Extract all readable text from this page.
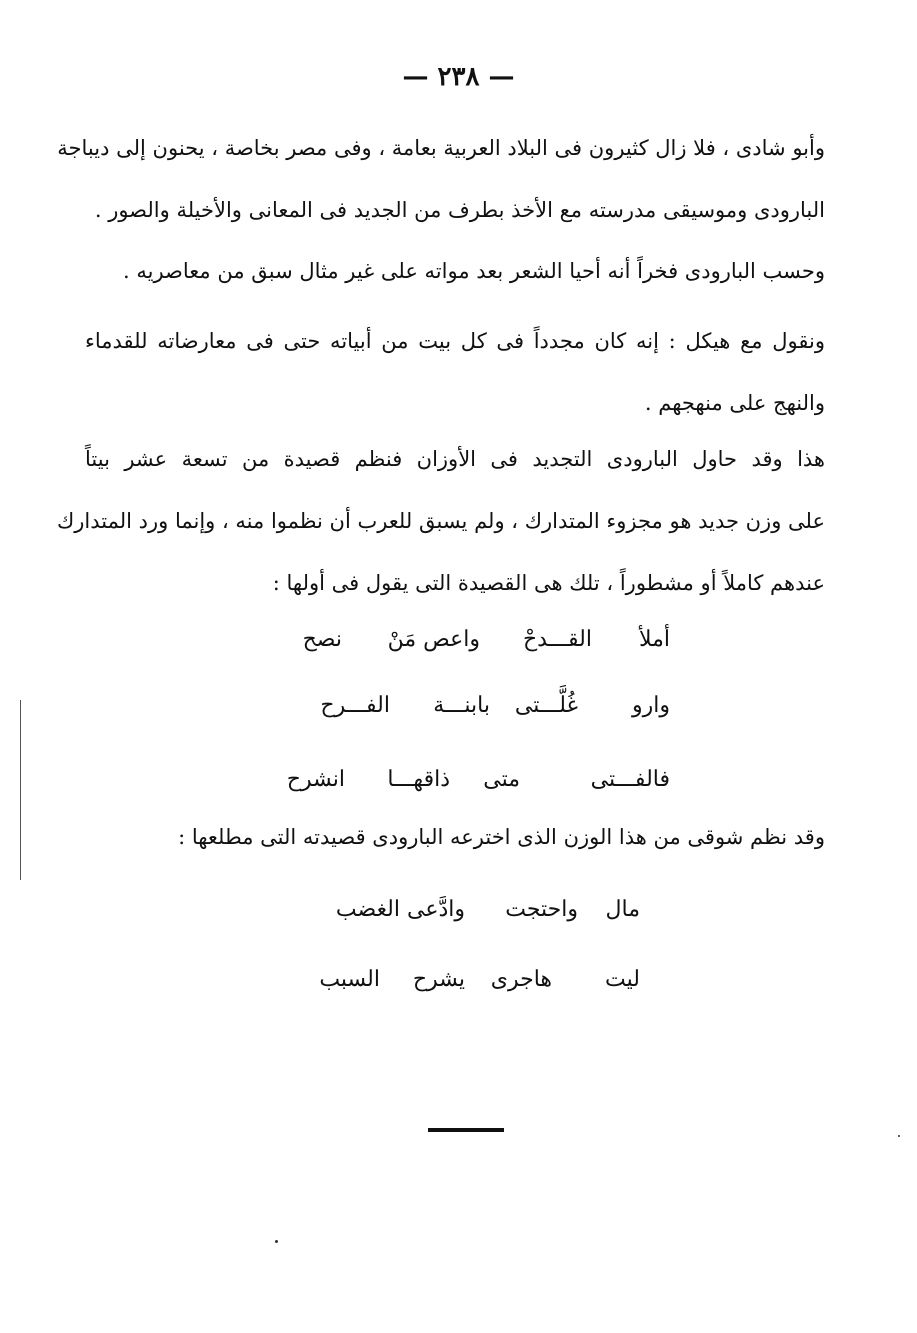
— ٢٣٨ —
وأبو شادى ، فلا زال كثيرون فى البلاد العربية بعامة ، وفى مصر بخاصة ، يحنون إلى ديباجة
البارودى وموسيقى مدرسته مع الأخذ بطرف من الجديد فى المعانى والأخيلة والصور .
وحسب البارودى فخراً أنه أحيا الشعر بعد مواته على غير مثال سبق من معاصريه .
ونقول مع هيكل : إنه كان مجدداً فى كل بيت من أبياته حتى فى معارضاته للقدماء
والنهج على منهجهم .
هذا وقد حاول البارودى التجديد فى الأوزان فنظم قصيدة من تسعة عشر بيتاً
على وزن جديد هو مجزوء المتدارك ، ولم يسبق للعرب أن نظموا منه ، وإنما ورد المتدارك
عندهم كاملاً أو مشطوراً ، تلك هى القصيدة التى يقول فى أولها :
أملأ
القـــدحْ
واعص مَنْ
نصح
وارو
غُلَّـــتى
بابنـــة
الفـــرح
فالفـــتى
متى
ذاقهـــا
انشرح
وقد نظم شوقى من هذا الوزن الذى اخترعه البارودى قصيدته التى مطلعها :
مال
واحتجت
وادَّعى الغضب
ليت
هاجرى
يشرح
السبب
